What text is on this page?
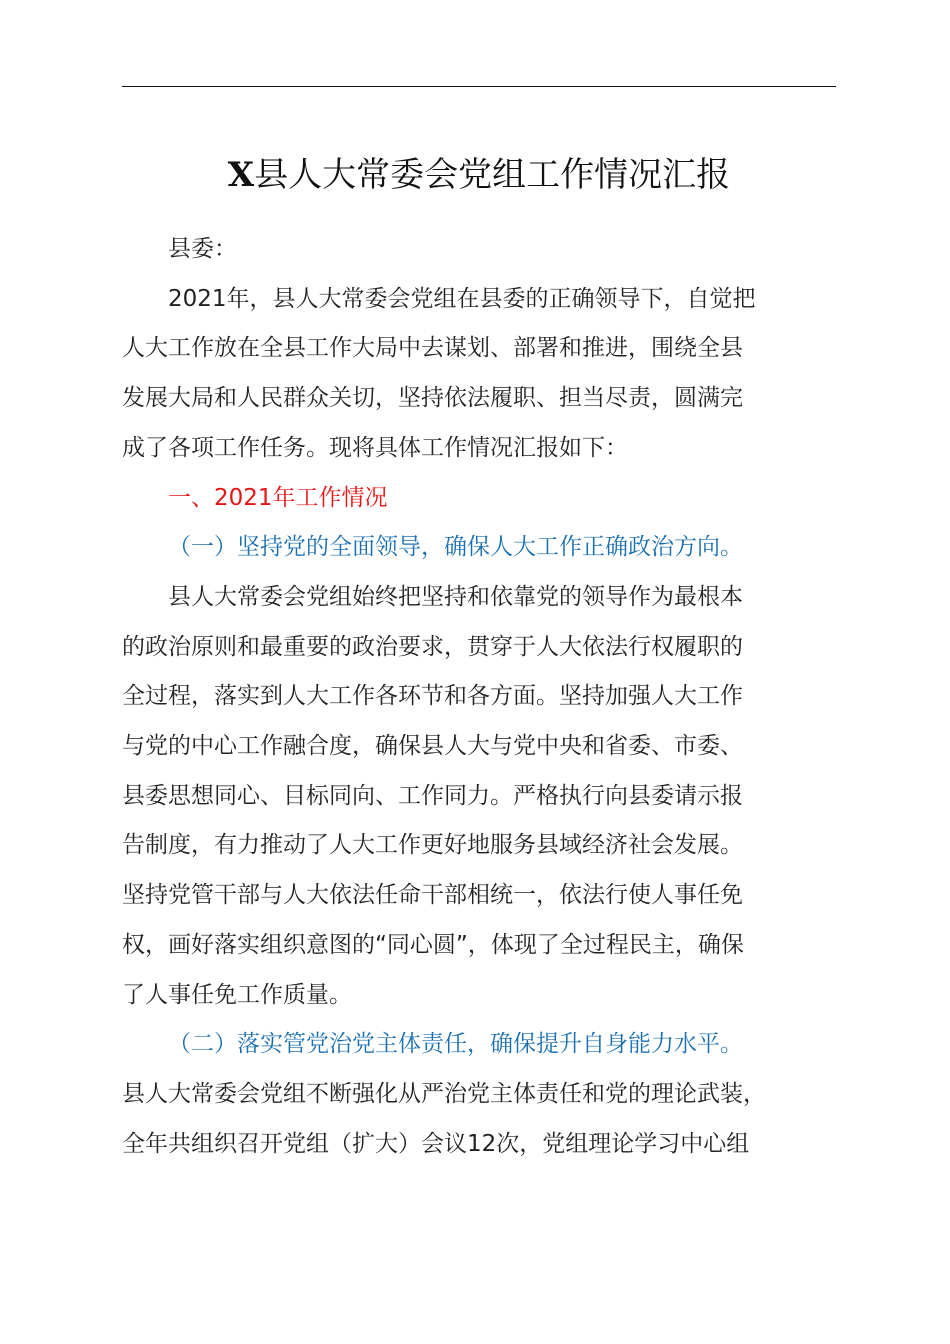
X县人大常委会党组工作情况汇报

县委：

2021年，县人大常委会党组在县委的正确领导下，自觉把
人大工作放在全县工作大局中去谋划、部署和推进，围绕全县
发展大局和人民群众关切，坚持依法履职、担当尽责，圆满完
成了各项工作任务。现将具体工作情况汇报如下：

一、2021年工作情况

（一）坚持党的全面领导，确保人大工作正确政治方向。

县人大常委会党组始终把坚持和依靠党的领导作为最根本
的政治原则和最重要的政治要求，贯穿于人大依法行权履职的
全过程，落实到人大工作各环节和各方面。坚持加强人大工作
与党的中心工作融合度，确保县人大与党中央和省委、市委、
县委思想同心、目标同向、工作同力。严格执行向县委请示报
告制度，有力推动了人大工作更好地服务县域经济社会发展。
坚持党管干部与人大依法任命干部相统一，依法行使人事任免
权，画好落实组织意图的“同心圆”，体现了全过程民主，确保
了人事任免工作质量。

（二）落实管党治党主体责任，确保提升自身能力水平。

县人大常委会党组不断强化从严治党主体责任和党的理论武装，
全年共组织召开党组（扩大）会议12次，党组理论学习中心组
